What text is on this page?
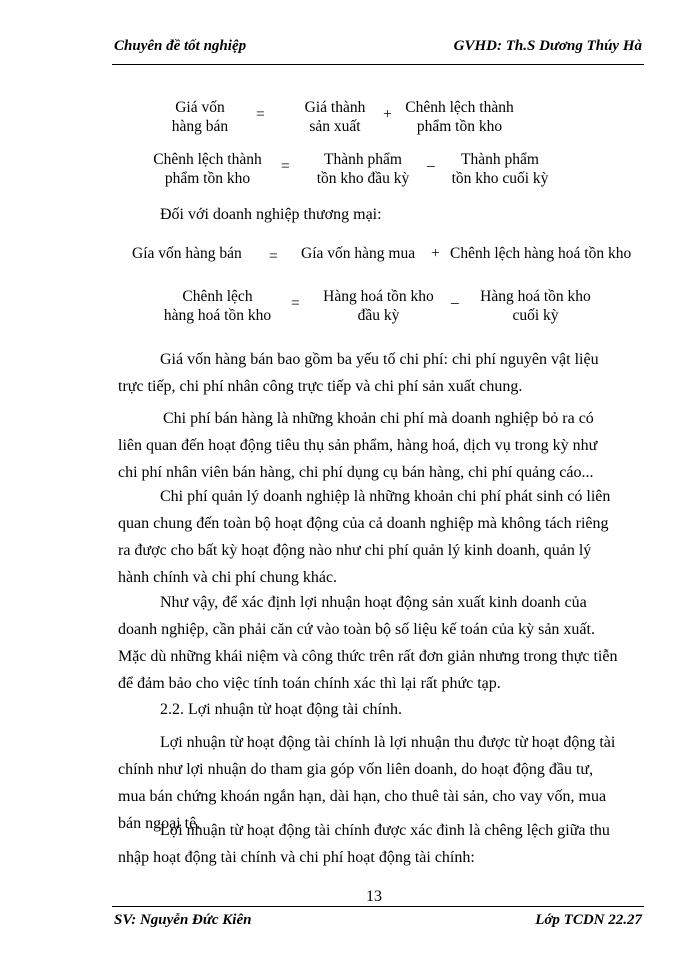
Chuyên đề tốt nghiệp	GVHD: Th.S Dương Thúy Hà
Giá vốn
hàng bán
=	Giá thành
sản xuất
+ Chênh lệch thành
phẩm tồn kho
Chênh lệch thành
phẩm tồn kho
=	Thành phẩm
tồn kho đầu kỳ
_	Thành phẩm
tồn kho cuối kỳ
Đối với doanh nghiệp thương mại:
Gía vốn hàng bán = Gía vốn hàng mua + Chênh lệch hàng hoá tồn kho
Chênh lệch
hàng hoá tồn kho
=	Hàng hoá tồn kho
đầu kỳ
_	Hàng hoá tồn kho
cuối kỳ
Giá vốn hàng bán bao gồm ba yếu tố chi phí: chi phí nguyên vật liệu
trực tiếp, chi phí nhân công trực tiếp và chi phí sản xuất chung.
Chi phí bán hàng là những khoản chi phí mà doanh nghiệp bỏ ra có
liên quan đến hoạt động tiêu thụ sản phẩm, hàng hoá, dịch vụ trong kỳ như
chi phí nhân viên bán hàng, chi phí dụng cụ bán hàng, chi phí quảng cáo...
Chi phí quản lý doanh nghiệp là những khoản chi phí phát sinh có liên
quan chung đến toàn bộ hoạt động của cả doanh nghiệp mà không tách riêng
ra được cho bất kỳ hoạt động nào như chi phí quản lý kinh doanh, quản lý
hành chính và chi phí chung khác.
Như vậy, để xác định lợi nhuận hoạt động sản xuất kinh doanh của
doanh nghiệp, cần phải căn cứ vào toàn bộ số liệu kế toán của kỳ sản xuất.
Mặc dù những khái niệm và công thức trên rất đơn giản nhưng trong thực tiễn
để đảm bảo cho việc tính toán chính xác thì lại rất phức tạp.
2.2. Lợi nhuận từ hoạt động tài chính.
Lợi nhuận từ hoạt động tài chính là lợi nhuận thu được từ hoạt động tài
chính như lợi nhuận do tham gia góp vốn liên doanh, do hoạt động đầu tư,
mua bán chứng khoán ngắn hạn, dài hạn, cho thuê tài sản, cho vay vốn, mua
bán ngoại tệ.
Lợi nhuận từ hoạt động tài chính được xác đinh là chêng lệch giữa thu
nhập hoạt động tài chính và chi phí hoạt động tài chính:
13
SV: Nguyễn Đức Kiên	Lớp TCDN 22.27
